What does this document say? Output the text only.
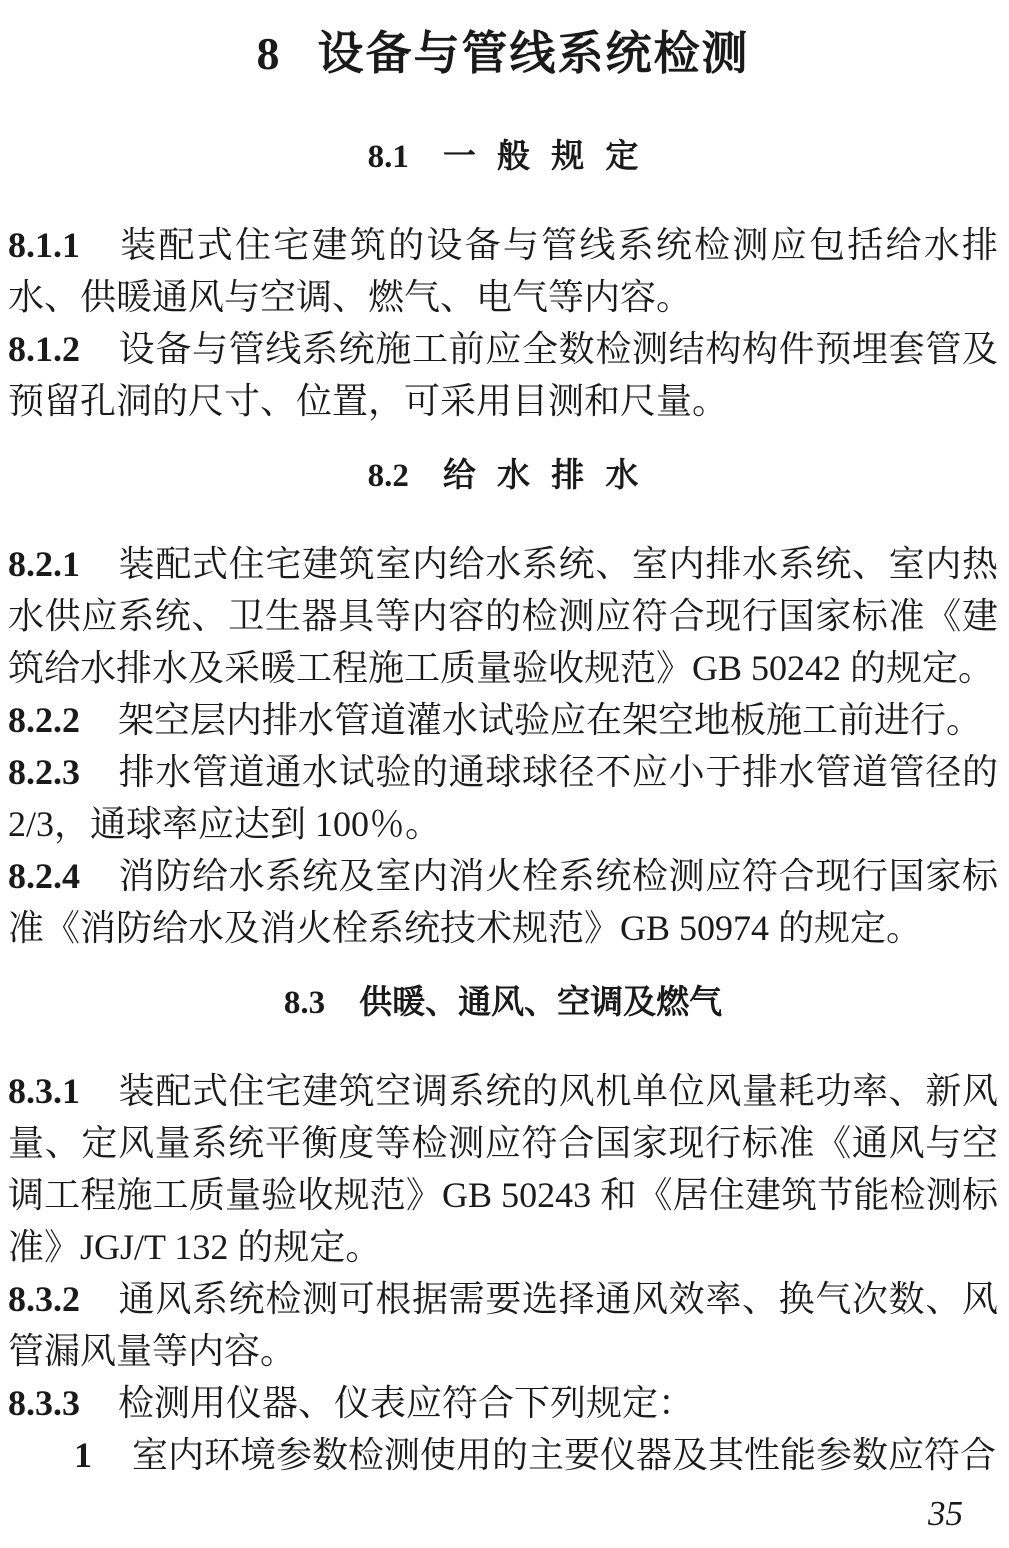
8 设备与管线系统检测
8.1 一 般 规 定

8.1.1 装配式住宅建筑的设备与管线系统检测应包括给水排水、供暖通风与空调、燃气、电气等内容。

8.1.2 设备与管线系统施工前应全数检测结构构件预埋套管及预留孔洞的尺寸、位置，可采用目测和尺量。

8.2 给 水 排 水

8.2.1 装配式住宅建筑室内给水系统、室内排水系统、室内热水供应系统、卫生器具等内容的检测应符合现行国家标准《建筑给水排水及采暖工程施工质量验收规范》GB 50242 的规定。

8.2.2 架空层内排水管道灌水试验应在架空地板施工前进行。

8.2.3 排水管道通水试验的通球球径不应小于排水管道管径的 2/3，通球率应达到 100％。

8.2.4 消防给水系统及室内消火栓系统检测应符合现行国家标准《消防给水及消火栓系统技术规范》GB 50974 的规定。

8.3 供暖、通风、空调及燃气

8.3.1 装配式住宅建筑空调系统的风机单位风量耗功率、新风量、定风量系统平衡度等检测应符合国家现行标准《通风与空调工程施工质量验收规范》GB 50243 和《居住建筑节能检测标准》JGJ/T 132 的规定。

8.3.2 通风系统检测可根据需要选择通风效率、换气次数、风管漏风量等内容。

8.3.3 检测用仪器、仪表应符合下列规定：

1 室内环境参数检测使用的主要仪器及其性能参数应符合

35
